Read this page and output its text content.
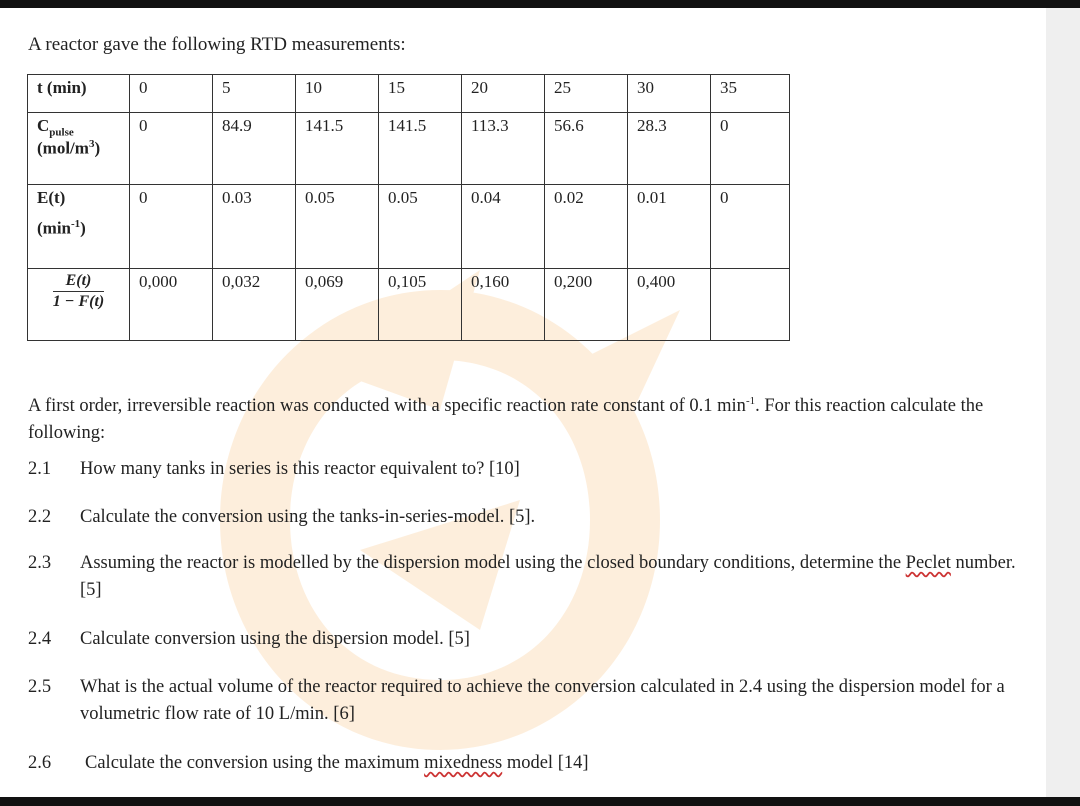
A reactor gave the following RTD measurements:
t (min)	0	5	10	15	20	25	30	35
$C_{pulse}$
$(mol/m^3)$	0	84.9	141.5	141.5	113.3	56.6	28.3	0
E(t)

$(\min^{-1})$	0	0.03	0.05	0.05	0.04	0.02	0.01	0

$\frac{E(t)}{1 - F(t)}$	0,000	0,032	0,069	0,105	0,160	0,200	0,400	
A first order, irreversible reaction was conducted with a specific reaction rate constant of 0.1 $\min^{-1}$. For this reaction calculate the following:
2.1 How many tanks in series is this reactor equivalent to? [10]
2.2 Calculate the conversion using the tanks-in-series-model. [5].
2.3 Assuming the reactor is modelled by the dispersion model using the closed boundary conditions, determine the Peclet number. [5]
2.4 Calculate conversion using the dispersion model. [5]
2.5 What is the actual volume of the reactor required to achieve the conversion calculated in 2.4 using the dispersion model for a volumetric flow rate of 10 L/min. [6]
2.6 Calculate the conversion using the maximum mixedness model [14]
